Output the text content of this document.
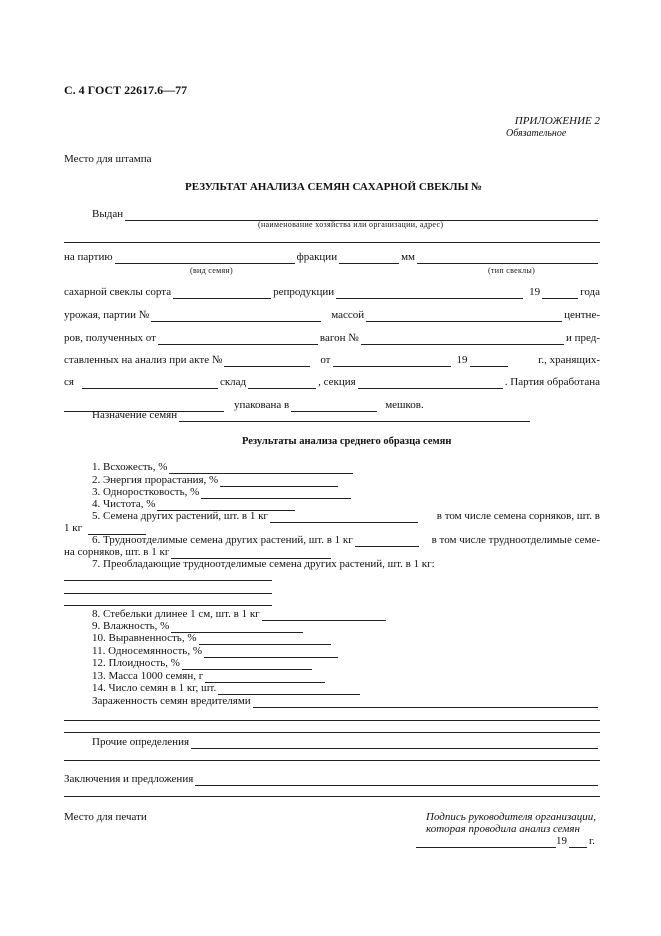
С. 4 ГОСТ 22617.6—77
ПРИЛОЖЕНИЕ 2
Обязательное
Место для штампа
РЕЗУЛЬТАТ АНАЛИЗА СЕМЯН САХАРНОЙ СВЕКЛЫ №
Выдан
(наименование хозяйства или организации, адрес)
на партию	фракции	мм
(вид семян)	(тип свеклы)
сахарной свеклы сорта	репродукции	19	года
урожая, партии №	массой	центне-
ров, полученных от	вагон №	и пред-
ставленных на анализ при акте №	от	19	г., хранящих-
ся	склад	, секция	. Партия обработана
упакована в	мешков.
Назначение семян
Результаты анализа среднего образца семян
1. Всхожесть, %
2. Энергия прорастания, %
3. Одноростковость, %
4. Чистота, %
5. Семена других растений, шт. в 1 кг	в том числе семена сорняков, шт. в
1 кг
6. Трудноотделимые семена других растений, шт. в 1 кг	в том числе трудноотделимые семе-
на сорняков, шт. в 1 кг
7. Преобладающие трудноотделимые семена других растений, шт. в 1 кг:
8. Стебельки длинее 1 см, шт. в 1 кг
9. Влажность, %
10. Выравненность, %
11. Односемянность, %
12. Плоидность, %
13. Масса 1000 семян, г
14. Число семян в 1 кг, шт.
Зараженность семян вредителями
Прочие определения
Заключения и предложения
Место для печати	Подпись руководителя организации,
которая проводила анализ семян
19 г.
